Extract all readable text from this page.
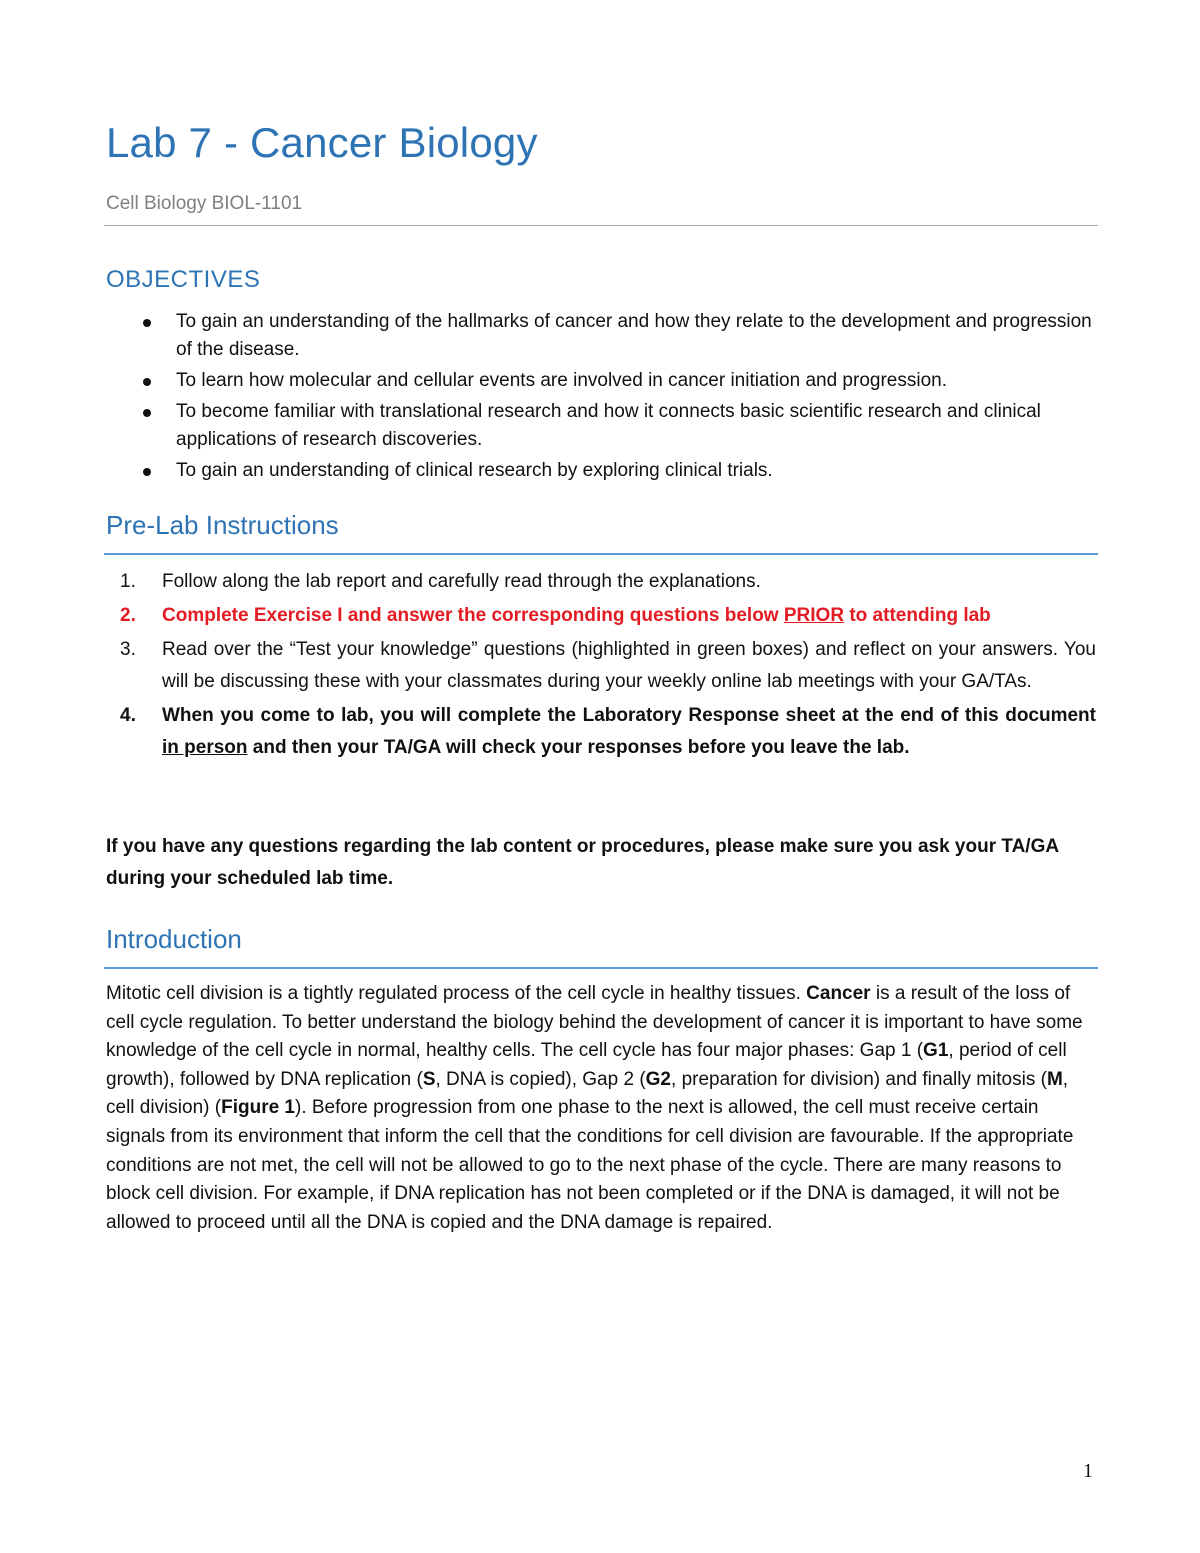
Lab 7 - Cancer Biology

Cell Biology BIOL-1101

OBJECTIVES
To gain an understanding of the hallmarks of cancer and how they relate to the development and progression of the disease.
To learn how molecular and cellular events are involved in cancer initiation and progression.
To become familiar with translational research and how it connects basic scientific research and clinical applications of research discoveries.
To gain an understanding of clinical research by exploring clinical trials.
Pre-Lab Instructions
1. Follow along the lab report and carefully read through the explanations.
2. Complete Exercise I and answer the corresponding questions below PRIOR to attending lab
3. Read over the “Test your knowledge” questions (highlighted in green boxes) and reflect on your answers. You will be discussing these with your classmates during your weekly online lab meetings with your GA/TAs.
4. When you come to lab, you will complete the Laboratory Response sheet at the end of this document in person and then your TA/GA will check your responses before you leave the lab.

If you have any questions regarding the lab content or procedures, please make sure you ask your TA/GA during your scheduled lab time.

Introduction

Mitotic cell division is a tightly regulated process of the cell cycle in healthy tissues. Cancer is a result of the loss of cell cycle regulation. To better understand the biology behind the development of cancer it is important to have some knowledge of the cell cycle in normal, healthy cells. The cell cycle has four major phases: Gap 1 (G1, period of cell growth), followed by DNA replication (S, DNA is copied), Gap 2 (G2, preparation for division) and finally mitosis (M, cell division) (Figure 1). Before progression from one phase to the next is allowed, the cell must receive certain signals from its environment that inform the cell that the conditions for cell division are favourable. If the appropriate conditions are not met, the cell will not be allowed to go to the next phase of the cycle. There are many reasons to block cell division. For example, if DNA replication has not been completed or if the DNA is damaged, it will not be allowed to proceed until all the DNA is copied and the DNA damage is repaired.

1
